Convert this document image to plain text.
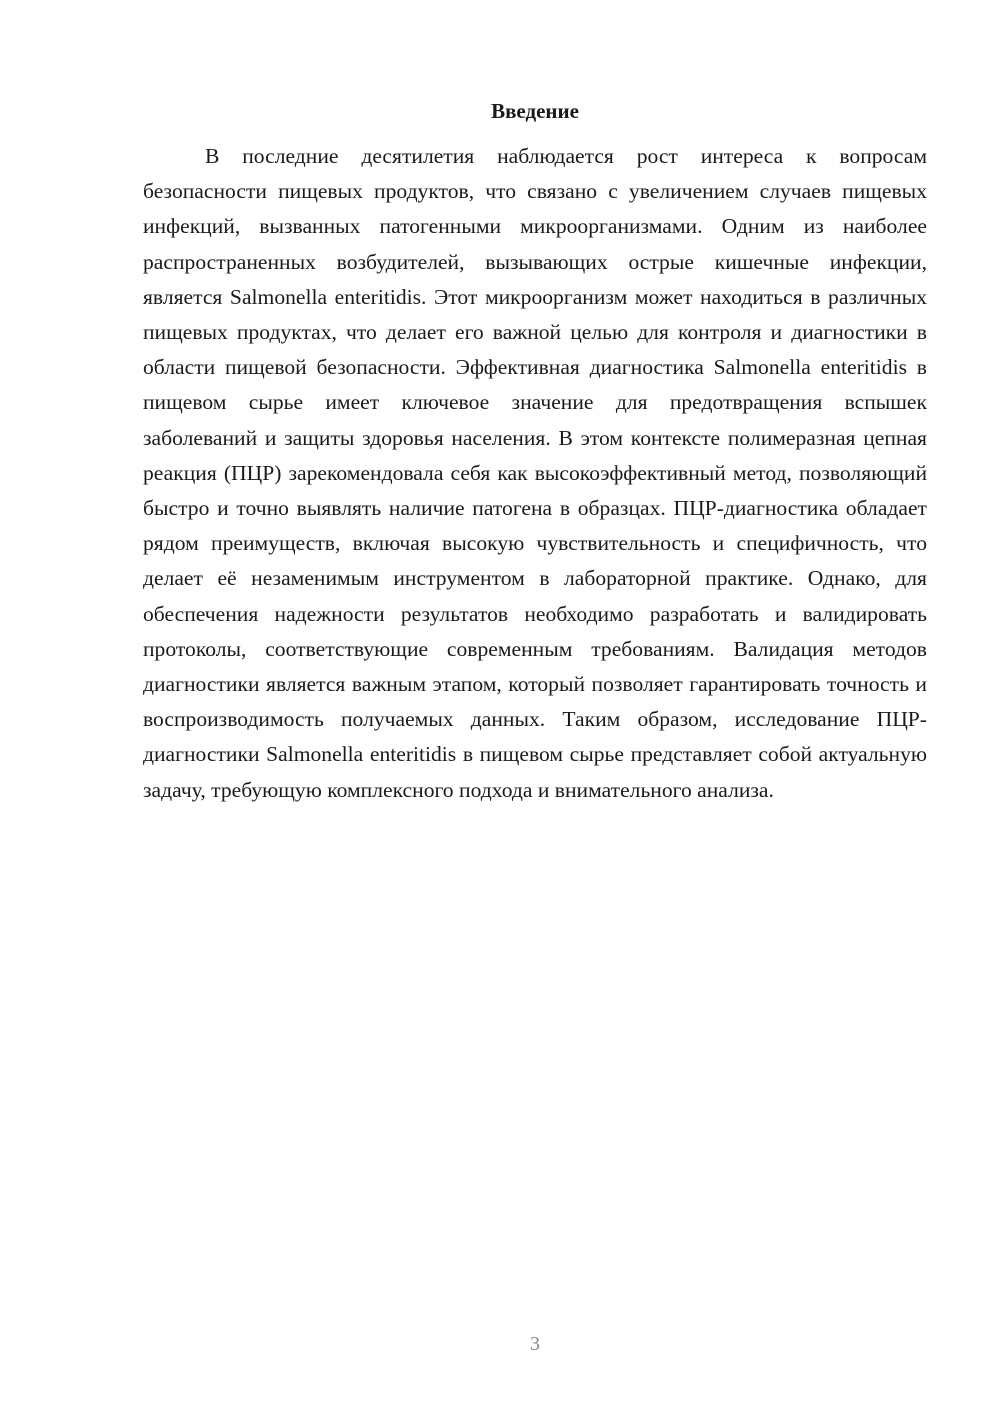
Введение

В последние десятилетия наблюдается рост интереса к вопросам безопасности пищевых продуктов, что связано с увеличением случаев пищевых инфекций, вызванных патогенными микроорганизмами. Одним из наиболее распространенных возбудителей, вызывающих острые кишечные инфекции, является Salmonella enteritidis. Этот микроорганизм может находиться в различных пищевых продуктах, что делает его важной целью для контроля и диагностики в области пищевой безопасности. Эффективная диагностика Salmonella enteritidis в пищевом сырье имеет ключевое значение для предотвращения вспышек заболеваний и защиты здоровья населения. В этом контексте полимеразная цепная реакция (ПЦР) зарекомендовала себя как высокоэффективный метод, позволяющий быстро и точно выявлять наличие патогена в образцах. ПЦР-диагностика обладает рядом преимуществ, включая высокую чувствительность и специфичность, что делает её незаменимым инструментом в лабораторной практике. Однако, для обеспечения надежности результатов необходимо разработать и валидировать протоколы, соответствующие современным требованиям. Валидация методов диагностики является важным этапом, который позволяет гарантировать точность и воспроизводимость получаемых данных. Таким образом, исследование ПЦР-диагностики Salmonella enteritidis в пищевом сырье представляет собой актуальную задачу, требующую комплексного подхода и внимательного анализа.

3
